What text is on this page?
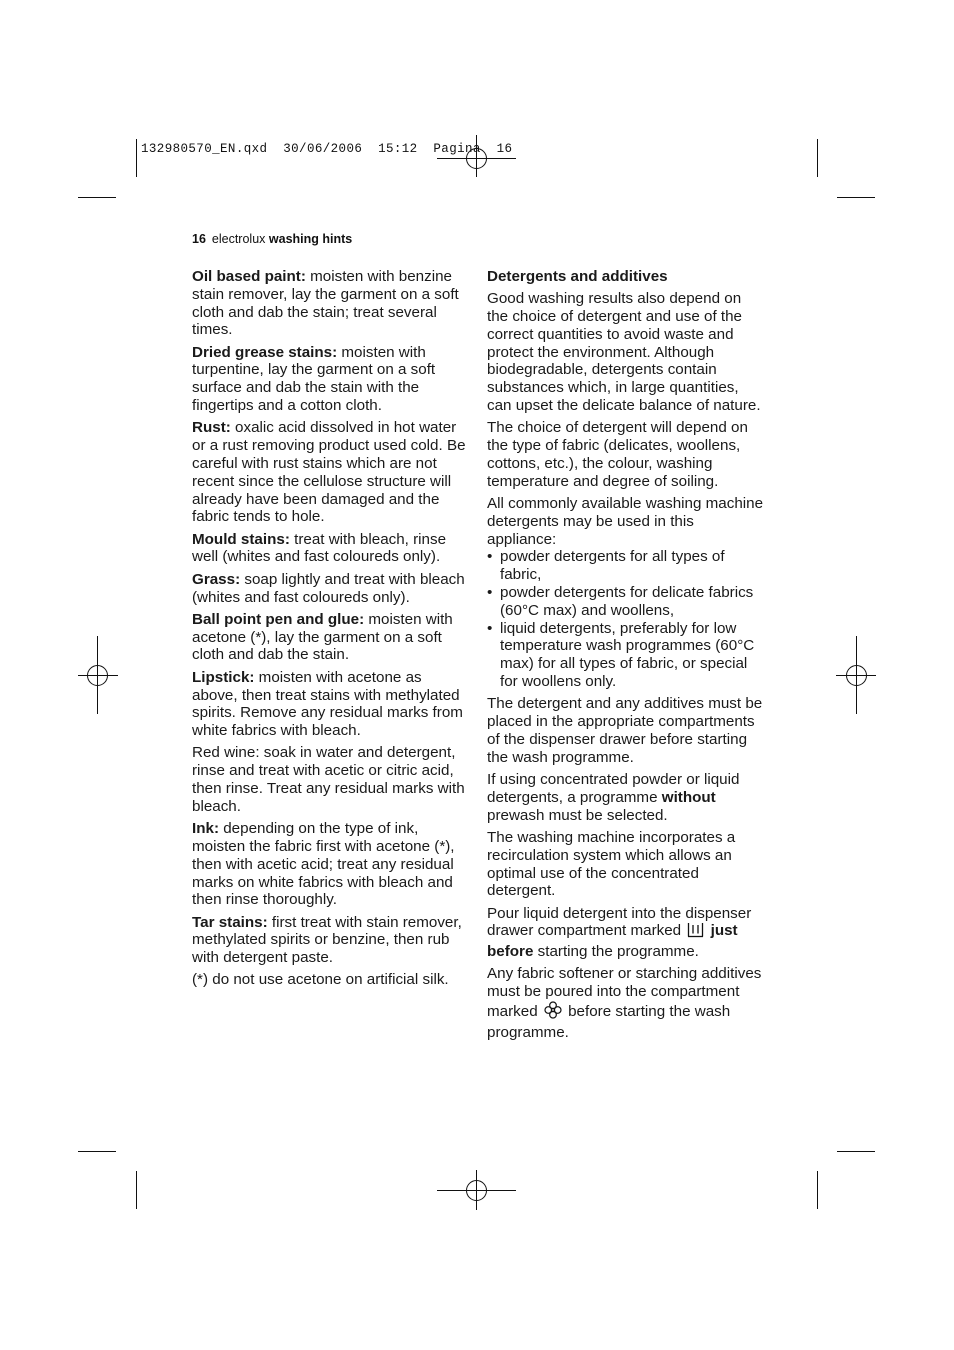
132980570_EN.qxd 30/06/2006 15:12 Pagina 16
16 electrolux washing hints

Oil based paint: moisten with benzine stain remover, lay the garment on a soft cloth and dab the stain; treat several times.

Dried grease stains: moisten with turpentine, lay the garment on a soft surface and dab the stain with the fingertips and a cotton cloth.

Rust: oxalic acid dissolved in hot water or a rust removing product used cold. Be careful with rust stains which are not recent since the cellulose structure will already have been damaged and the fabric tends to hole.

Mould stains: treat with bleach, rinse well (whites and fast coloureds only).

Grass: soap lightly and treat with bleach (whites and fast coloureds only).

Ball point pen and glue: moisten with acetone (*), lay the garment on a soft cloth and dab the stain.

Lipstick: moisten with acetone as above, then treat stains with methylated spirits. Remove any residual marks from white fabrics with bleach.

Red wine: soak in water and detergent, rinse and treat with acetic or citric acid, then rinse. Treat any residual marks with bleach.

Ink: depending on the type of ink, moisten the fabric first with acetone (*), then with acetic acid; treat any residual marks on white fabrics with bleach and then rinse thoroughly.

Tar stains: first treat with stain remover, methylated spirits or benzine, then rub with detergent paste.

(*) do not use acetone on artificial silk.

Detergents and additives

Good washing results also depend on the choice of detergent and use of the correct quantities to avoid waste and protect the environment. Although biodegradable, detergents contain substances which, in large quantities, can upset the delicate balance of nature.

The choice of detergent will depend on the type of fabric (delicates, woollens, cottons, etc.), the colour, washing temperature and degree of soiling.

All commonly available washing machine detergents may be used in this appliance:

• powder detergents for all types of fabric,
• powder detergents for delicate fabrics (60°C max) and woollens,
• liquid detergents, preferably for low temperature wash programmes (60°C max) for all types of fabric, or special for woollens only.

The detergent and any additives must be placed in the appropriate compartments of the dispenser drawer before starting the wash programme.

If using concentrated powder or liquid detergents, a programme without prewash must be selected.

The washing machine incorporates a recirculation system which allows an optimal use of the concentrated detergent.

Pour liquid detergent into the dispenser drawer compartment marked  just before starting the programme.

Any fabric softener or starching additives must be poured into the compartment marked  before starting the wash programme.
